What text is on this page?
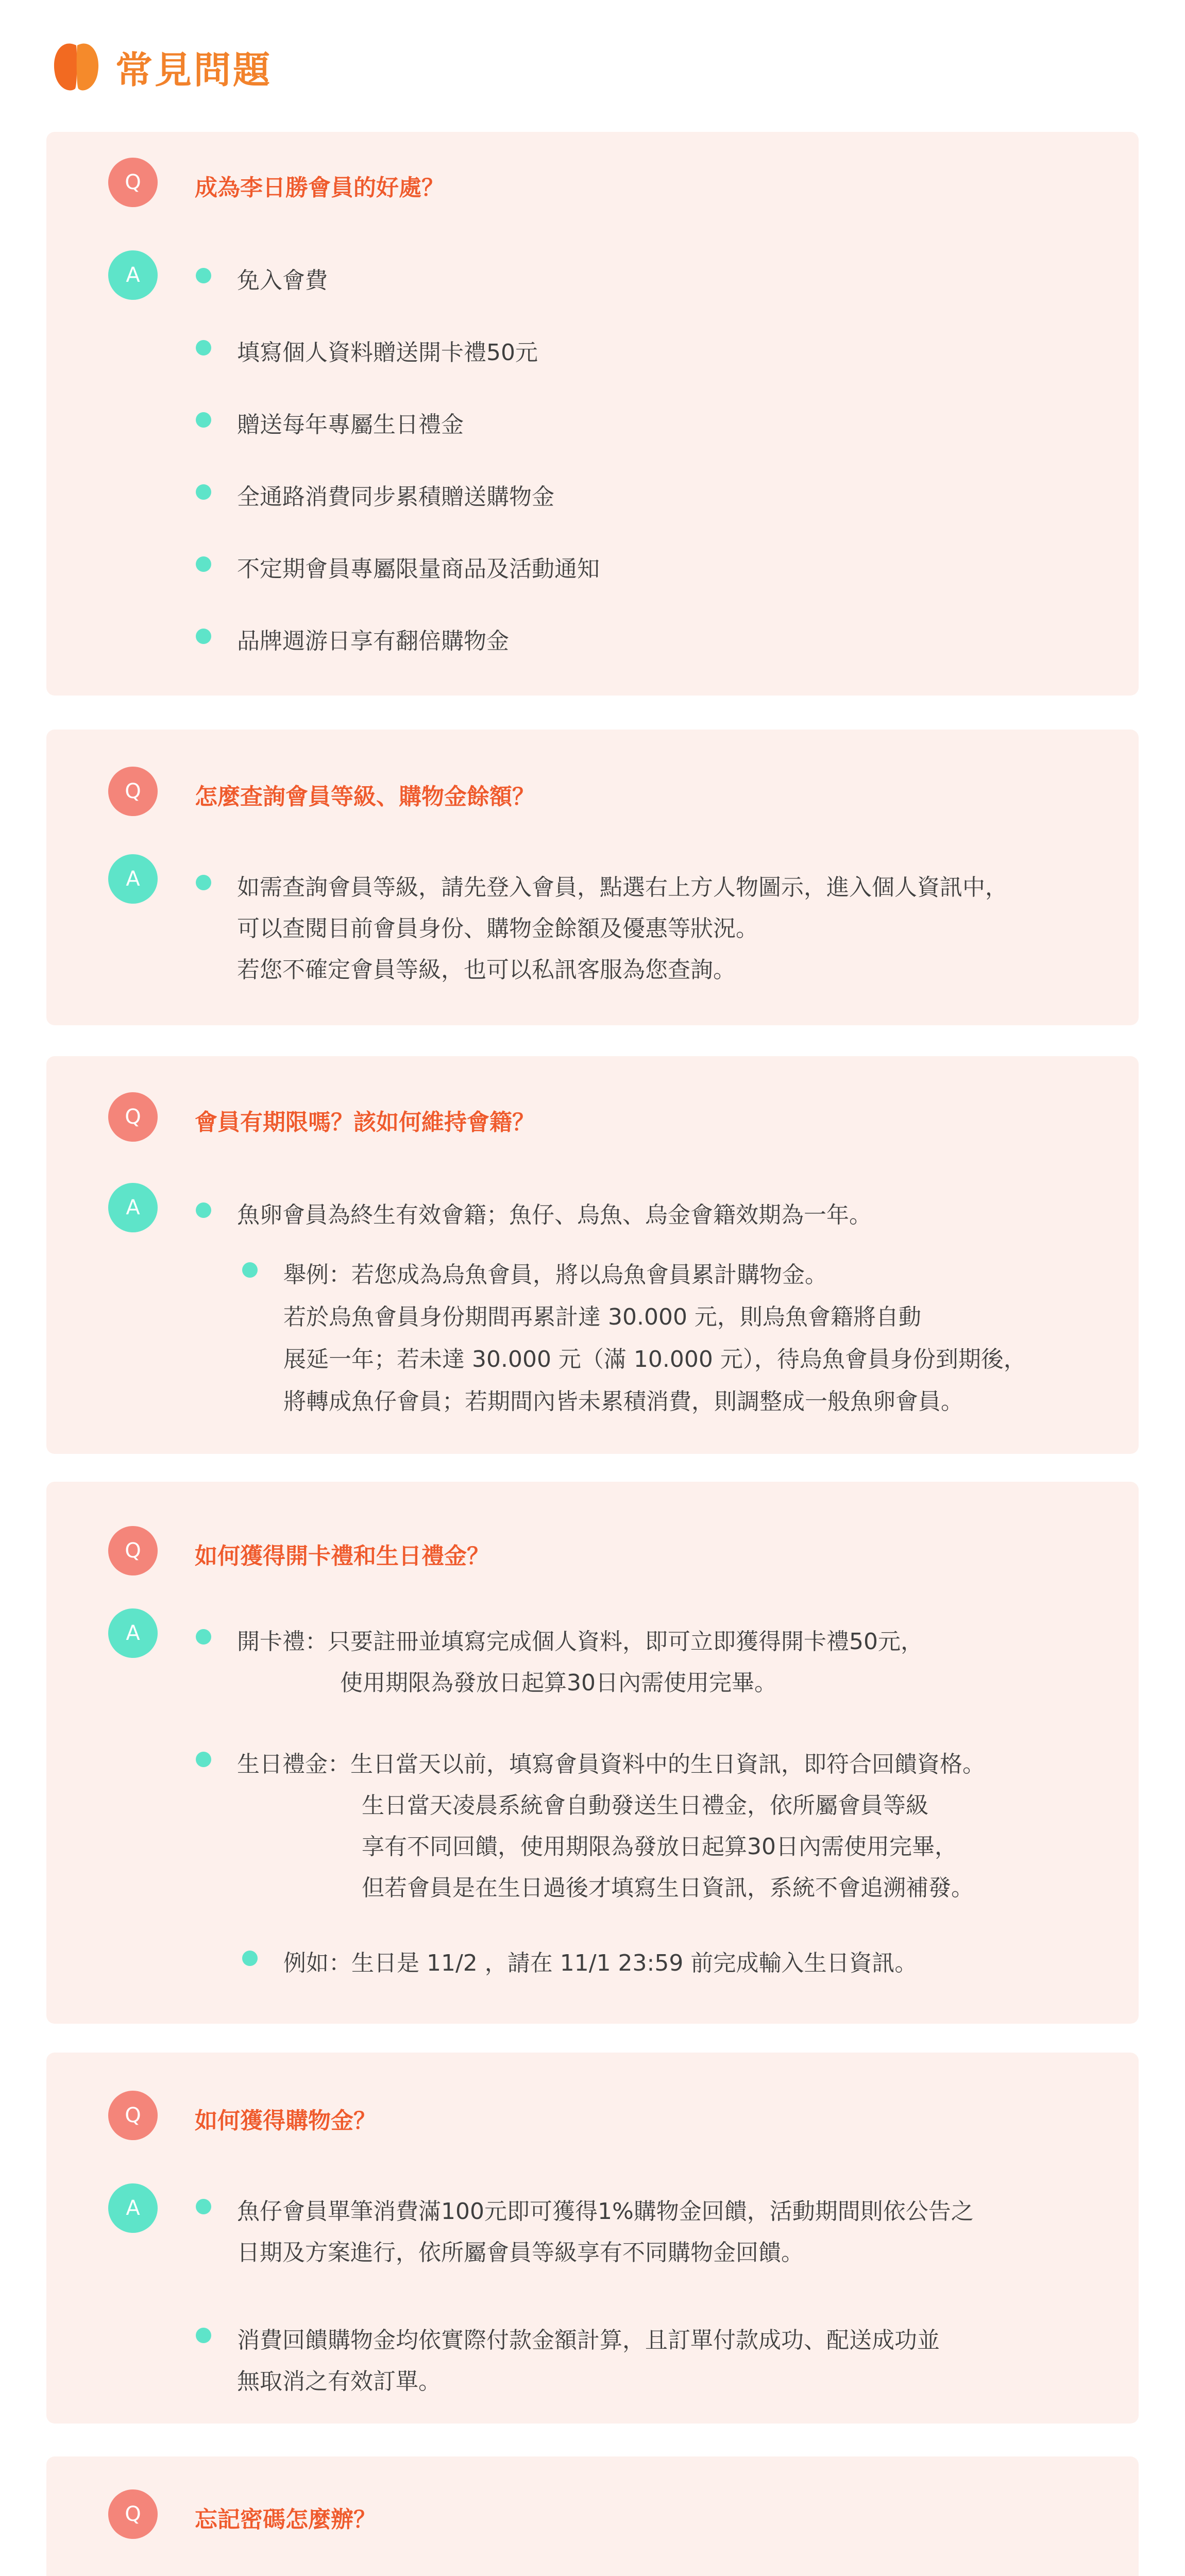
常見問題
Q	成為李日勝會員的好處？
A	免入會費
填寫個人資料贈送開卡禮50元
贈送每年專屬生日禮金
全通路消費同步累積贈送購物金
不定期會員專屬限量商品及活動通知
品牌週游日享有翻倍購物金
Q	怎麼查詢會員等級、購物金餘額？
A	如需查詢會員等級，請先登入會員，點選右上方人物圖示，進入個人資訊中，
可以查閱目前會員身份、購物金餘額及優惠等狀況。
若您不確定會員等級，也可以私訊客服為您查詢。
Q	會員有期限嗎？該如何維持會籍？
A	魚卵會員為終生有效會籍；魚仔、烏魚、烏金會籍效期為一年。
舉例：若您成為烏魚會員，將以烏魚會員累計購物金。
若於烏魚會員身份期間再累計達 30.000 元，則烏魚會籍將自動
展延一年；若未達 30.000 元（滿 10.000 元），待烏魚會員身份到期後，
將轉成魚仔會員；若期間內皆未累積消費，則調整成一般魚卵會員。
Q	如何獲得開卡禮和生日禮金？
A	開卡禮：只要註冊並填寫完成個人資料，即可立即獲得開卡禮50元，
使用期限為發放日起算30日內需使用完畢。
生日禮金：生日當天以前，填寫會員資料中的生日資訊，即符合回饋資格。
生日當天凌晨系統會自動發送生日禮金，依所屬會員等級
享有不同回饋，使用期限為發放日起算30日內需使用完畢，
但若會員是在生日過後才填寫生日資訊，系統不會追溯補發。
例如：生日是 11/2 ，請在 11/1 23:59 前完成輸入生日資訊。
Q	如何獲得購物金？
A	魚仔會員單筆消費滿100元即可獲得1%購物金回饋，活動期間則依公告之
日期及方案進行，依所屬會員等級享有不同購物金回饋。
消費回饋購物金均依實際付款金額計算，且訂單付款成功、配送成功並
無取消之有效訂單。
Q	忘記密碼怎麼辦？
